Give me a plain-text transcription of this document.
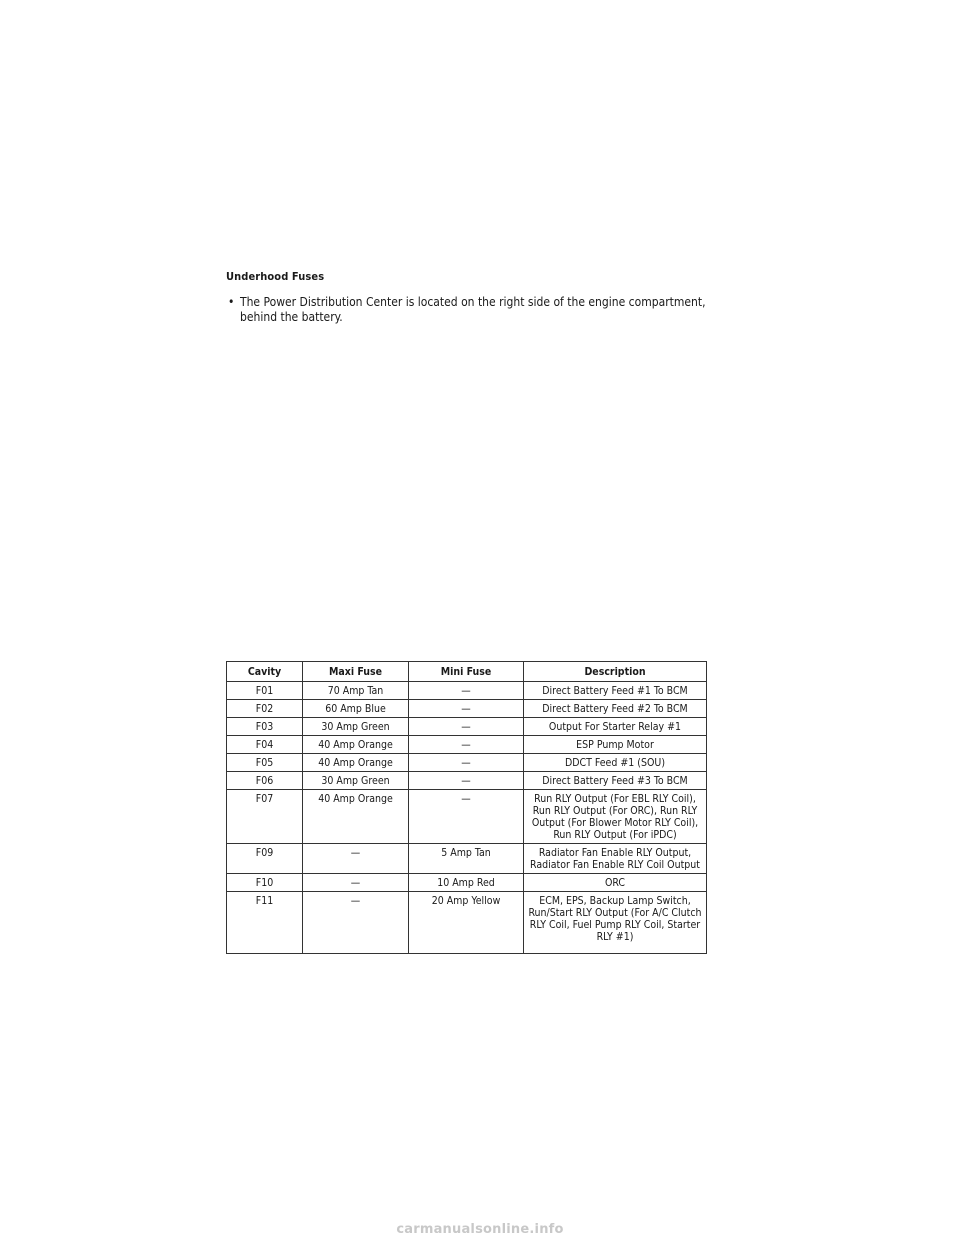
Underhood Fuses
• The Power Distribution Center is located on the right side of the engine compartment,
behind the battery.
Cavity	Maxi Fuse	Mini Fuse	Description
F01	70 Amp Tan	—	Direct Battery Feed #1 To BCM
F02	60 Amp Blue	—	Direct Battery Feed #2 To BCM
F03	30 Amp Green	—	Output For Starter Relay #1
F04	40 Amp Orange	—	ESP Pump Motor
F05	40 Amp Orange	—	DDCT Feed #1 (SOU)
F06	30 Amp Green	—	Direct Battery Feed #3 To BCM
F07	40 Amp Orange	—	Run RLY Output (For EBL RLY Coil), Run RLY Output (For ORC), Run RLY Output (For Blower Motor RLY Coil), Run RLY Output (For iPDC)
F09	—	5 Amp Tan	Radiator Fan Enable RLY Output, Radiator Fan Enable RLY Coil Output
F10	—	10 Amp Red	ORC
F11	—	20 Amp Yellow	ECM, EPS, Backup Lamp Switch, Run/Start RLY Output (For A/C Clutch RLY Coil, Fuel Pump RLY Coil, Starter RLY #1)
carmanualsonline.info
